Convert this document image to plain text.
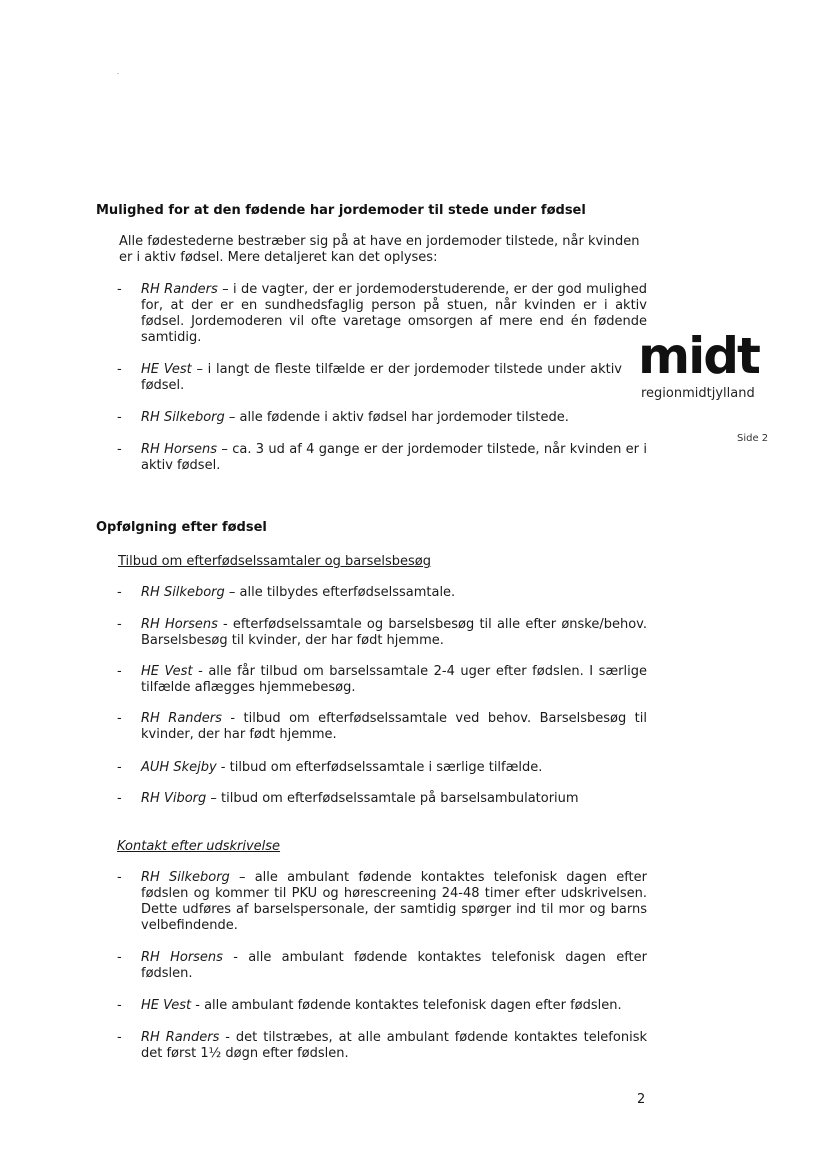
Mulighed for at den fødende har jordemoder til stede under fødsel
Alle fødestederne bestræber sig på at have en jordemoder tilstede, når kvinden er i aktiv fødsel. Mere detaljeret kan det oplyses:
- RH Randers – i de vagter, der er jordemoderstuderende, er der god mulighed for, at der er en sundhedsfaglig person på stuen, når kvinden er i aktiv fødsel. Jordemoderen vil ofte varetage omsorgen af mere end én fødende samtidig.
- HE Vest – i langt de fleste tilfælde er der jordemoder tilstede under aktiv fødsel.
- RH Silkeborg – alle fødende i aktiv fødsel har jordemoder tilstede.
- RH Horsens – ca. 3 ud af 4 gange er der jordemoder tilstede, når kvinden er i aktiv fødsel.
midt
regionmidtjylland
Side 2
Opfølgning efter fødsel
Tilbud om efterfødselssamtaler og barselsbesøg
- RH Silkeborg – alle tilbydes efterfødselssamtale.
- RH Horsens - efterfødselssamtale og barselsbesøg til alle efter ønske/behov. Barselsbesøg til kvinder, der har født hjemme.
- HE Vest - alle får tilbud om barselssamtale 2-4 uger efter fødslen. I særlige tilfælde aflægges hjemmebesøg.
- RH Randers - tilbud om efterfødselssamtale ved behov. Barselsbesøg til kvinder, der har født hjemme.
- AUH Skejby - tilbud om efterfødselssamtale i særlige tilfælde.
- RH Viborg – tilbud om efterfødselssamtale på barselsambulatorium
Kontakt efter udskrivelse
- RH Silkeborg – alle ambulant fødende kontaktes telefonisk dagen efter fødslen og kommer til PKU og hørescreening 24-48 timer efter udskrivelsen. Dette udføres af barselspersonale, der samtidig spørger ind til mor og barns velbefindende.
- RH Horsens - alle ambulant fødende kontaktes telefonisk dagen efter fødslen.
- HE Vest - alle ambulant fødende kontaktes telefonisk dagen efter fødslen.
- RH Randers - det tilstræbes, at alle ambulant fødende kontaktes telefonisk det først 1½ døgn efter fødslen.
2
